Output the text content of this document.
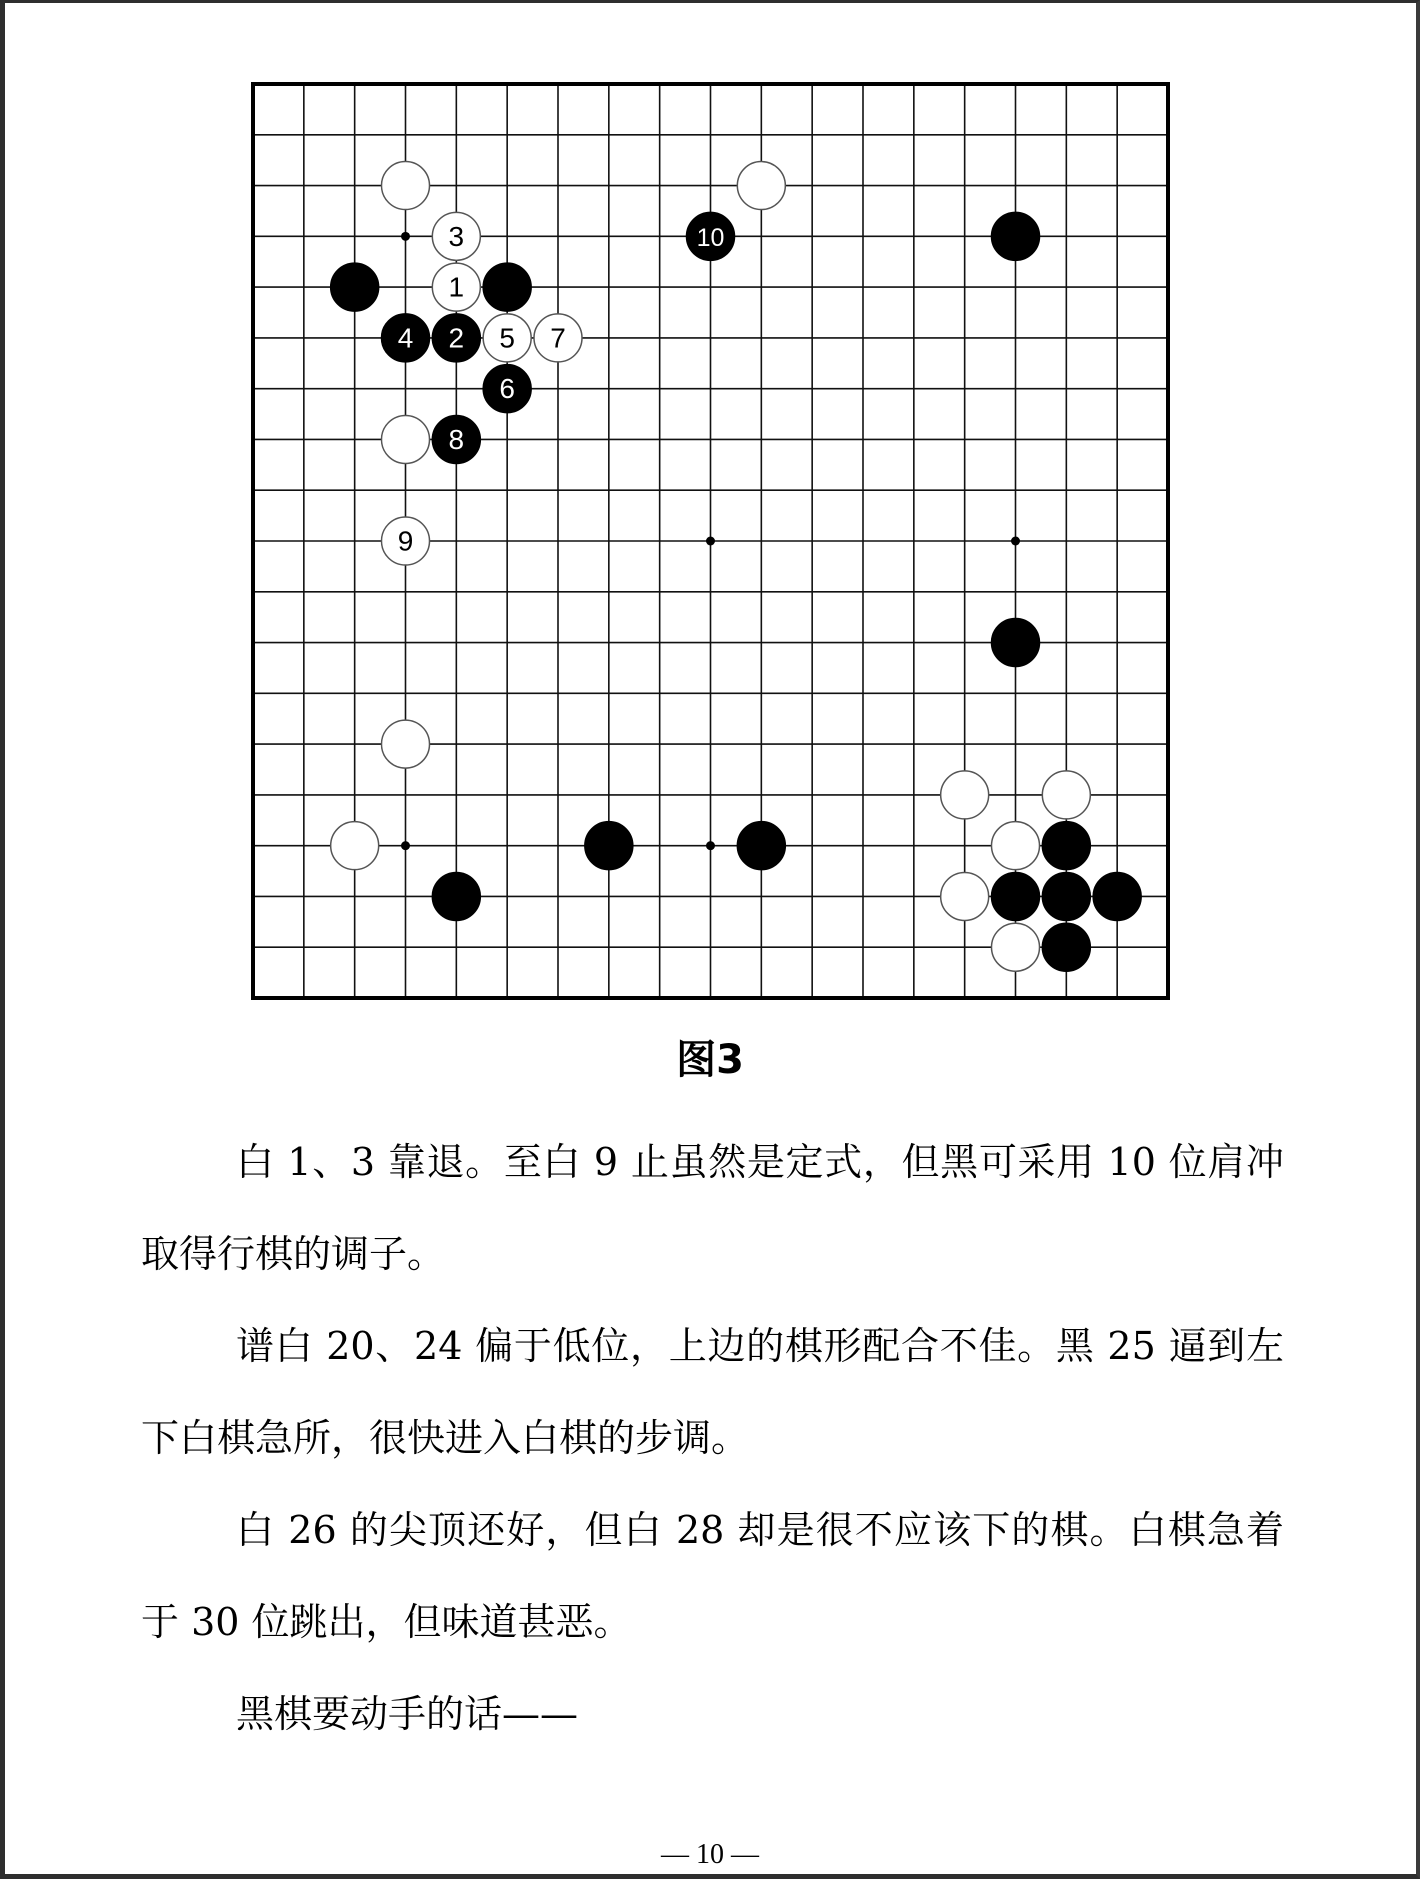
3	10
1
4 2 5 7
6
8
9
图3

白 1、3 靠退。至白 9 止虽然是定式，但黑可采用 10 位肩冲取得行棋的调子。

谱白 20、24 偏于低位，上边的棋形配合不佳。黑 25 逼到左下白棋急所，很快进入白棋的步调。

白 26 的尖顶还好，但白 28 却是很不应该下的棋。白棋急着于 30 位跳出，但味道甚恶。

黑棋要动手的话——

— 10 —
